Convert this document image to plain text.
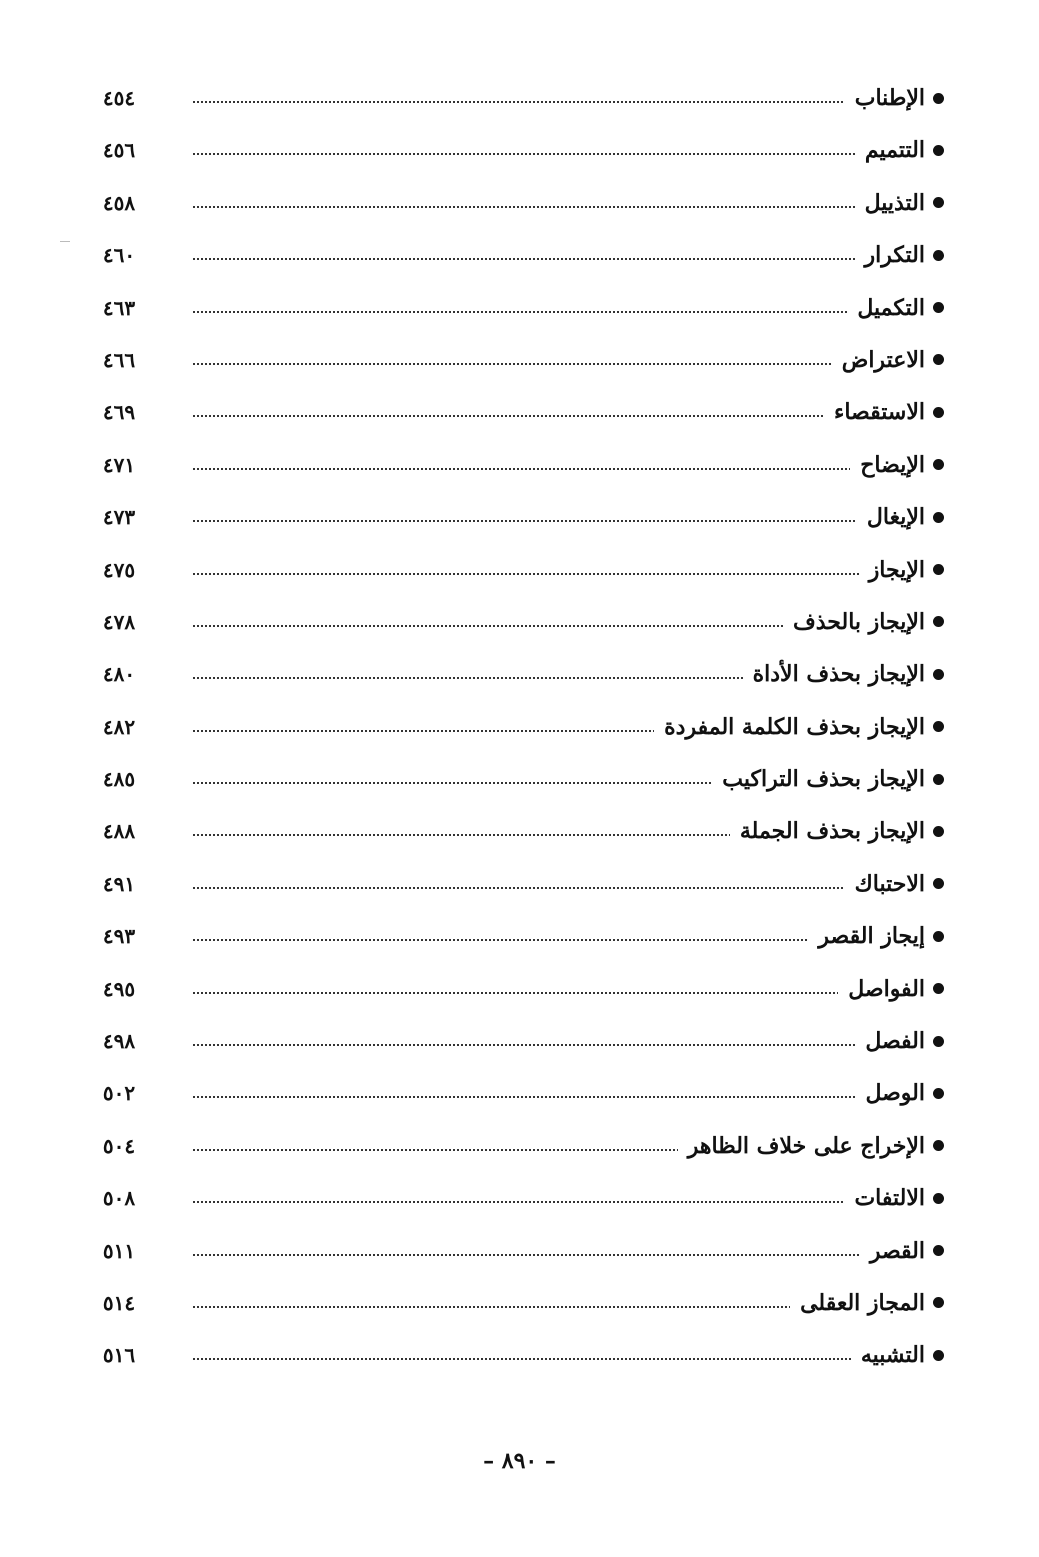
الإطناب
٤٥٤
التتميم
٤٥٦
التذييل
٤٥٨
التكرار
٤٦٠
التكميل
٤٦٣
الاعتراض
٤٦٦
الاستقصاء
٤٦٩
الإيضاح
٤٧١
الإيغال
٤٧٣
الإيجاز
٤٧٥
الإيجاز بالحذف
٤٧٨
الإيجاز بحذف الأداة
٤٨٠
الإيجاز بحذف الكلمة المفردة
٤٨٢
الإيجاز بحذف التراكيب
٤٨٥
الإيجاز بحذف الجملة
٤٨٨
الاحتباك
٤٩١
إيجاز القصر
٤٩٣
الفواصل
٤٩٥
الفصل
٤٩٨
الوصل
٥٠٢
الإخراج على خلاف الظاهر
٥٠٤
الالتفات
٥٠٨
القصر
٥١١
المجاز العقلى
٥١٤
التشبيه
٥١٦
– ٨٩٠ –
